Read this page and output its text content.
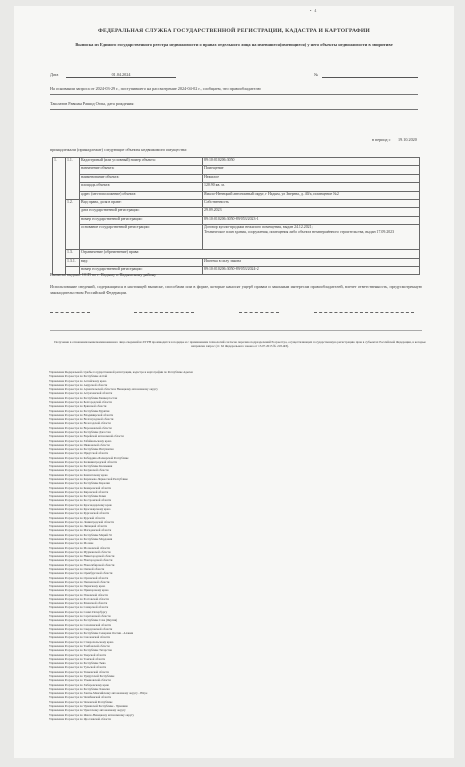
•   4
ФЕДЕРАЛЬНАЯ СЛУЖБА ГОСУДАРСТВЕННОЙ РЕГИСТРАЦИИ, КАДАСТРА И КАРТОГРАФИИ
Выписка из Единого государственного реестра недвижимости о правах отдельного лица на имевшиеся(имеющиеся) у него объекты недвижимости в эвиритиве
Дата	01.04.2024	№
На основании запроса от 2024-03-29 г., поступившего на рассмотрение 2024-04-02 г., сообщаем, что правообладателю
Ташлатов Равшан Рашид Оглы, дата рождения:
в период с 19.10.2020
принадлежали (принадлежат) следующие объекты недвижимого имущества:
1.	1.1.	Кадастровый (или условный) номер объекта:	89:10:010206:3050
		назначение объекта:	Помещение
		наименование объекта:	Нежилое
		площадь объекта:	120.90 кв. м.
		адрес (местоположение) объекта:	Ямало-Ненецкий автономный округ, г Надым, ул Зверева, д. 40/а, помещение №2
	1.2.	Вид права, доля в праве:	Собственность
		дата государственной регистрации:	29.09.2023
		номер государственной регистрации:	89:10:010206:3050-89/053/2023-1
		основание государственной регистрации:	Договор купли-продажи нежилого помещения, выдан 24.12.2021;
Техническое план здания, сооружения, помещения либо объекта незавершённого строительства, выдан 17.09.2023

	1.3.	Ограничение (обременение) права:	
	1.3.1.	вид:	Ипотека в силу закона
		номер государственной регистрации:	89:10:010206:3050-89/053/2024-2
Выписка выдана: ОСП по г. Надыму и Надымскому району
Использование сведений, содержащихся в настоящей выписке, способами или в форме, которые наносят ущерб правам и законным интересам правообладателей, влечет ответственность, предусмотренную законодательством Российской Федерации.
Получение в отношении вышепоименованного лица сведений из ЕГРН производится в порядке и с применением технологий согласно перечню подразделений Росреестра, осуществляющих государственную регистрацию прав в субъектах Российской Федерации, в которые направлен запрос (ст. 62 Федерального закона от 13.07.2015 № 218-ФЗ).
Управление Федеральной службы государственной регистрации, кадастра и картографии по Республике Адыгея
Управление Росреестра по Республике Алтай
Управление Росреестра по Алтайскому краю
Управление Росреестра по Амурской области
Управление Росреестра по Архангельской области и Ненецкому автономному округу
Управление Росреестра по Астраханской области
Управление Росреестра по Республике Башкортостан
Управление Росреестра по Белгородской области
Управление Росреестра по Брянской области
Управление Росреестра по Республике Бурятия
Управление Росреестра по Владимирской области
Управление Росреестра по Волгоградской области
Управление Росреестра по Вологодской области
Управление Росреестра по Воронежской области
Управление Росреестра по Республике Дагестан
Управление Росреестра по Еврейской автономной области
Управление Росреестра по Забайкальскому краю
Управление Росреестра по Ивановской области
Управление Росреестра по Республике Ингушетия
Управление Росреестра по Иркутской области
Управление Росреестра по Кабардино-Балкарской Республике
Управление Росреестра по Калининградской области
Управление Росреестра по Республике Калмыкия
Управление Росреестра по Калужской области
Управление Росреестра по Камчатскому краю
Управление Росреестра по Карачаево-Черкесской Республике
Управление Росреестра по Республике Карелия
Управление Росреестра по Кемеровской области
Управление Росреестра по Кировской области
Управление Росреестра по Республике Коми
Управление Росреестра по Костромской области
Управление Росреестра по Краснодарскому краю
Управление Росреестра по Красноярскому краю
Управление Росреестра по Курганской области
Управление Росреестра по Курской области
Управление Росреестра по Ленинградской области
Управление Росреестра по Липецкой области
Управление Росреестра по Магаданской области
Управление Росреестра по Республике Марий Эл
Управление Росреестра по Республике Мордовия
Управление Росреестра по Москве
Управление Росреестра по Московской области
Управление Росреестра по Мурманской области
Управление Росреестра по Нижегородской области
Управление Росреестра по Новгородской области
Управление Росреестра по Новосибирской области
Управление Росреестра по Омской области
Управление Росреестра по Оренбургской области
Управление Росреестра по Орловской области
Управление Росреестра по Пензенской области
Управление Росреестра по Пермскому краю
Управление Росреестра по Приморскому краю
Управление Росреестра по Псковской области
Управление Росреестра по Ростовской области
Управление Росреестра по Рязанской области
Управление Росреестра по Самарской области
Управление Росреестра по Санкт-Петербургу
Управление Росреестра по Саратовской области
Управление Росреестра по Республике Саха (Якутия)
Управление Росреестра по Сахалинской области
Управление Росреестра по Свердловской области
Управление Росреестра по Республике Северная Осетия - Алания
Управление Росреестра по Смоленской области
Управление Росреестра по Ставропольскому краю
Управление Росреестра по Тамбовской области
Управление Росреестра по Республике Татарстан
Управление Росреестра по Тверской области
Управление Росреестра по Томской области
Управление Росреестра по Республике Тыва
Управление Росреестра по Тульской области
Управление Росреестра по Тюменской области
Управление Росреестра по Удмуртской Республике
Управление Росреестра по Ульяновской области
Управление Росреестра по Хабаровскому краю
Управление Росреестра по Республике Хакасия
Управление Росреестра по Ханты-Мансийскому автономному округу - Югре
Управление Росреестра по Челябинской области
Управление Росреестра по Чеченской Республике
Управление Росреестра по Чувашской Республике - Чувашии
Управление Росреестра по Чукотскому автономному округу
Управление Росреестра по Ямало-Ненецкому автономному округу
Управление Росреестра по Ярославской области
